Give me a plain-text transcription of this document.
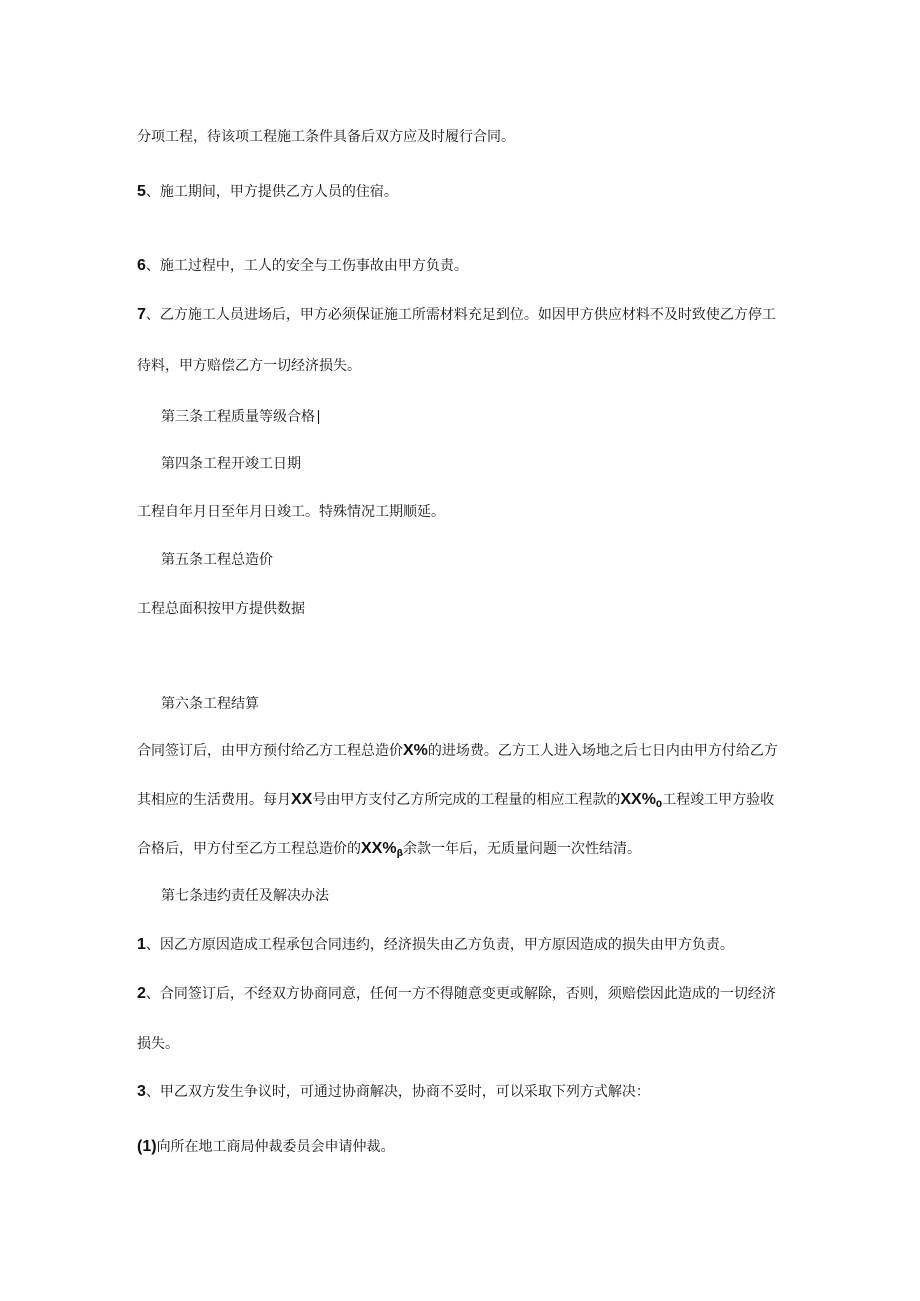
分项工程，待该项工程施工条件具备后双方应及时履行合同。
5、施工期间，甲方提供乙方人员的住宿。
6、施工过程中，工人的安全与工伤事故由甲方负责。
7、乙方施工人员进场后，甲方必须保证施工所需材料充足到位。如因甲方供应材料不及时致使乙方停工
待料，甲方赔偿乙方一切经济损失。
第三条工程质量等级合格∣
第四条工程开竣工日期
工程自年月日至年月日竣工。特殊情况工期顺延。
第五条工程总造价
工程总面积按甲方提供数据
第六条工程结算
合同签订后，由甲方预付给乙方工程总造价X%的进场费。乙方工人进入场地之后七日内由甲方付给乙方
其相应的生活费用。每月XX号由甲方支付乙方所完成的工程量的相应工程款的$XX\%_0$工程竣工甲方验收
合格后，甲方付至乙方工程总造价的$XX\%_\beta$余款一年后，无质量问题一次性结清。
第七条违约责任及解决办法
1、因乙方原因造成工程承包合同违约，经济损失由乙方负责，甲方原因造成的损失由甲方负责。
2、合同签订后，不经双方协商同意，任何一方不得随意变更或解除，否则，须赔偿因此造成的一切经济
损失。
3、甲乙双方发生争议时，可通过协商解决，协商不妥时，可以采取下列方式解决：
(1)向所在地工商局仲裁委员会申请仲裁。
